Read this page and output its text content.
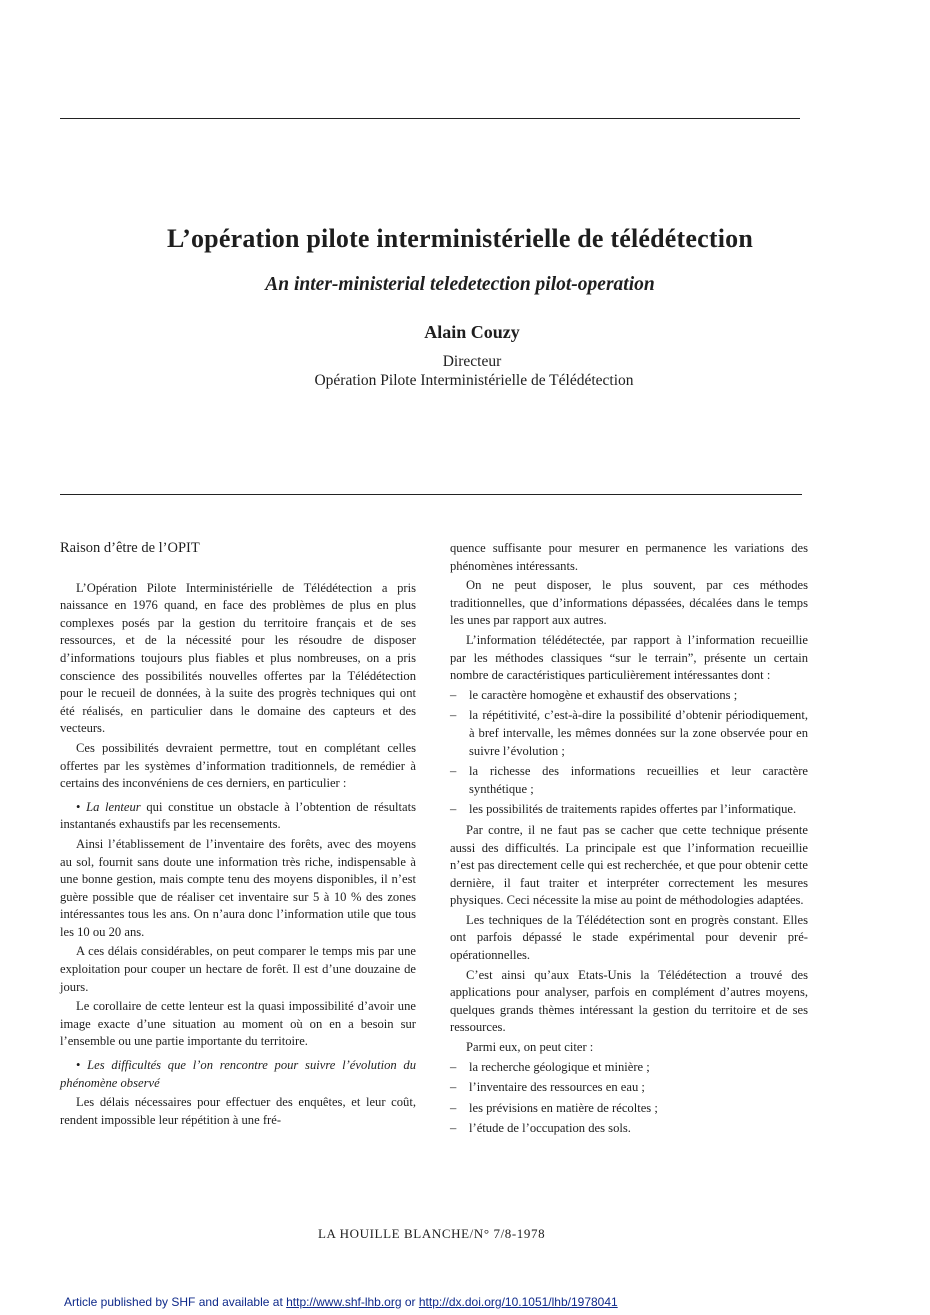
L’opération pilote interministérielle de télédétection
An inter-ministerial teledetection pilot-operation
Alain Couzy
Directeur
Opération Pilote Interministérielle de Télédétection
Raison d’être de l’OPIT

L’Opération Pilote Interministérielle de Télédétection a pris naissance en 1976 quand, en face des problèmes de plus en plus complexes posés par la gestion du territoire français et de ses ressources, et de la nécessité pour les résoudre de disposer d’informations toujours plus fiables et plus nombreuses, on a pris conscience des possibilités nouvelles offertes par la Télédétection pour le recueil de données, à la suite des progrès techniques qui ont été réalisés, en particulier dans le domaine des capteurs et des vecteurs.

Ces possibilités devraient permettre, tout en complétant celles offertes par les systèmes d’information traditionnels, de remédier à certains des inconvéniens de ces derniers, en particulier :

• La lenteur qui constitue un obstacle à l’obtention de résultats instantanés exhaustifs par les recensements.

Ainsi l’établissement de l’inventaire des forêts, avec des moyens au sol, fournit sans doute une information très riche, indispensable à une bonne gestion, mais compte tenu des moyens disponibles, il n’est guère possible que de réaliser cet inventaire sur 5 à 10 % des zones intéressantes tous les ans. On n’aura donc l’information utile que tous les 10 ou 20 ans.

A ces délais considérables, on peut comparer le temps mis par une exploitation pour couper un hectare de forêt. Il est d’une douzaine de jours.

Le corollaire de cette lenteur est la quasi impossibilité d’avoir une image exacte d’une situation au moment où on en a besoin sur l’ensemble ou une partie importante du territoire.

• Les difficultés que l’on rencontre pour suivre l’évolution du phénomène observé

Les délais nécessaires pour effectuer des enquêtes, et leur coût, rendent impossible leur répétition à une fré-

quence suffisante pour mesurer en permanence les variations des phénomènes intéressants.

On ne peut disposer, le plus souvent, par ces méthodes traditionnelles, que d’informations dépassées, décalées dans le temps les unes par rapport aux autres.

L’information télédétectée, par rapport à l’information recueillie par les méthodes classiques “sur le terrain”, présente un certain nombre de caractéristiques particulièrement intéressantes dont :

– le caractère homogène et exhaustif des observations ;
– la répétitivité, c’est-à-dire la possibilité d’obtenir périodiquement, à bref intervalle, les mêmes données sur la zone observée pour en suivre l’évolution ;
– la richesse des informations recueillies et leur caractère synthétique ;
– les possibilités de traitements rapides offertes par l’informatique.

Par contre, il ne faut pas se cacher que cette technique présente aussi des difficultés. La principale est que l’information recueillie n’est pas directement celle qui est recherchée, et que pour obtenir cette dernière, il faut traiter et interpréter correctement les mesures physiques. Ceci nécessite la mise au point de méthodologies adaptées.

Les techniques de la Télédétection sont en progrès constant. Elles ont parfois dépassé le stade expérimental pour devenir pré-opérationnelles.

C’est ainsi qu’aux Etats-Unis la Télédétection a trouvé des applications pour analyser, parfois en complément d’autres moyens, quelques grands thèmes intéressant la gestion du territoire et de ses ressources.

Parmi eux, on peut citer :

– la recherche géologique et minière ;
– l’inventaire des ressources en eau ;
– les prévisions en matière de récoltes ;
– l’étude de l’occupation des sols.
LA HOUILLE BLANCHE/N° 7/8-1978
Article published by SHF and available at http://www.shf-lhb.org or http://dx.doi.org/10.1051/lhb/1978041
